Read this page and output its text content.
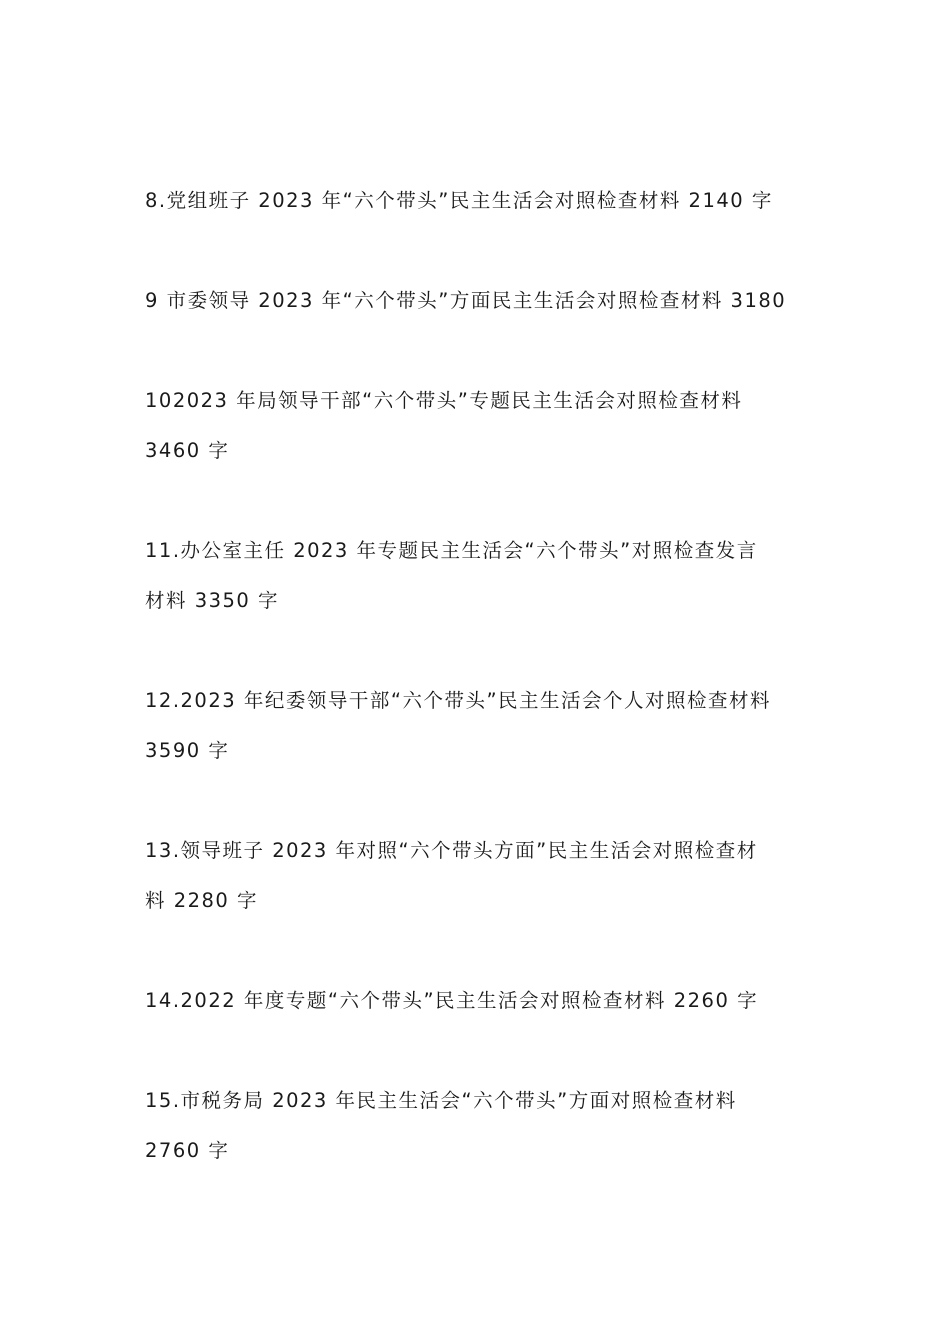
8.党组班子 2023 年“六个带头”民主生活会对照检查材料 2140 字
9 市委领导 2023 年“六个带头”方面民主生活会对照检查材料 3180
102023 年局领导干部“六个带头”专题民主生活会对照检查材料
3460 字
11.办公室主任 2023 年专题民主生活会“六个带头”对照检查发言
材料 3350 字
12.2023 年纪委领导干部“六个带头”民主生活会个人对照检查材料
3590 字
13.领导班子 2023 年对照“六个带头方面”民主生活会对照检查材
料 2280 字
14.2022 年度专题“六个带头”民主生活会对照检查材料 2260 字
15.市税务局 2023 年民主生活会“六个带头”方面对照检查材料
2760 字
